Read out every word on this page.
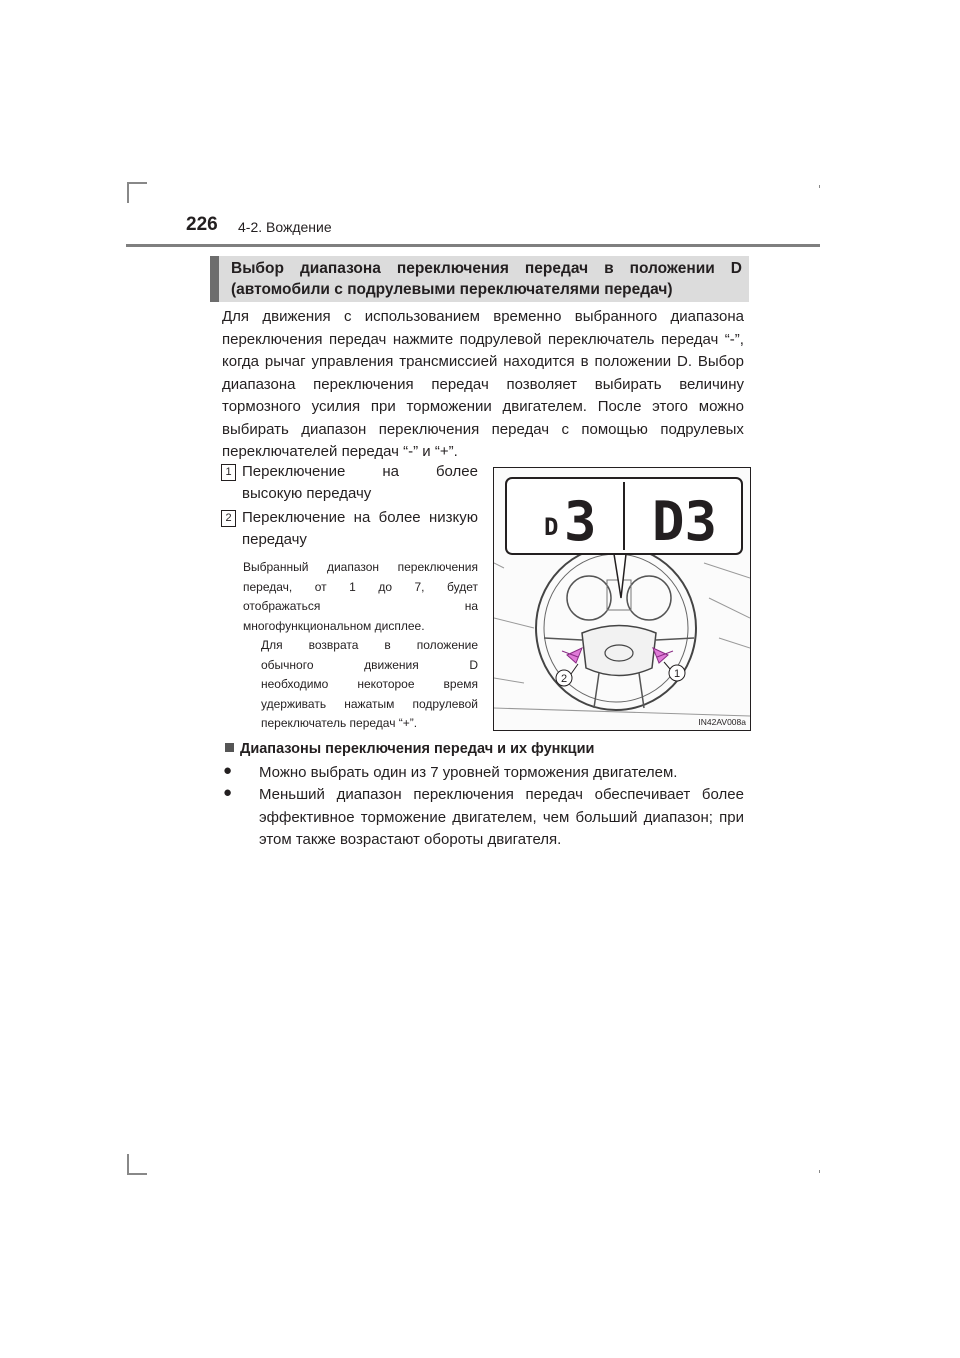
226 4-2. Вождение
Выбор диапазона переключения передач в положении D
(автомобили с подрулевыми переключателями передач)
Для движения с использованием временно выбранного диапазона
переключения передач нажмите подрулевой переключатель передач “-”,
когда рычаг управления трансмиссией находится в положении D. Выбор
диапазона переключения передач позволяет выбирать величину
тормозного усилия при торможении двигателем. После этого можно
выбирать диапазон переключения передач с помощью подрулевых
переключателей передач “-” и “+”.
1 Переключение на более
высокую передачу
2 Переключение на более низкую
передачу
Выбранный диапазон переключения
передач, от 1 до 7, будет
отображаться	на
многофункциональном дисплее.
Для возврата в положение
обычного	движения	D
необходимо некоторое время
удерживать нажатым подрулевой
переключатель передач “+”.
2	1
D 3 D3
IN42AV008a
Диапазоны переключения передач и их функции
● Можно выбрать один из 7 уровней торможения двигателем.
● Меньший диапазон переключения передач обеспечивает более
эффективное торможение двигателем, чем больший диапазон; при
этом также возрастают обороты двигателя.
